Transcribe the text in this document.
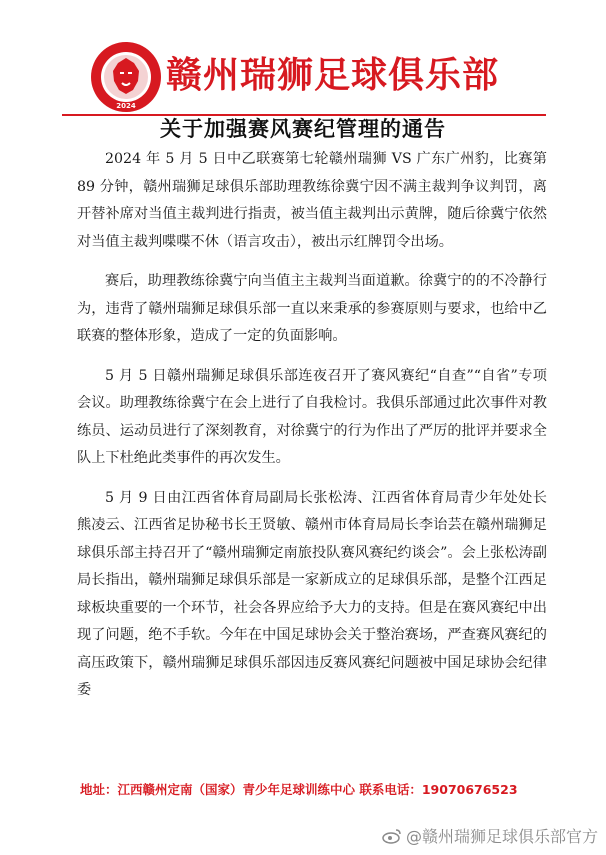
2024
赣州瑞狮足球俱乐部
关于加强赛风赛纪管理的通告

2024 年 5 月 5 日中乙联赛第七轮赣州瑞狮 VS 广东广州豹，比赛第 89 分钟，赣州瑞狮足球俱乐部助理教练徐冀宁因不满主裁判争议判罚，离开替补席对当值主裁判进行指责，被当值主裁判出示黄牌，随后徐冀宁依然对当值主裁判喋喋不休（语言攻击），被出示红牌罚令出场。

赛后，助理教练徐冀宁向当值主主裁判当面道歉。徐冀宁的的不冷静行为，违背了赣州瑞狮足球俱乐部一直以来秉承的参赛原则与要求，也给中乙联赛的整体形象，造成了一定的负面影响。

5 月 5 日赣州瑞狮足球俱乐部连夜召开了赛风赛纪“自查”“自省”专项会议。助理教练徐冀宁在会上进行了自我检讨。我俱乐部通过此次事件对教练员、运动员进行了深刻教育，对徐冀宁的行为作出了严厉的批评并要求全队上下杜绝此类事件的再次发生。

5 月 9 日由江西省体育局副局长张松涛、江西省体育局青少年处处长熊凌云、江西省足协秘书长王贤敏、赣州市体育局局长李诒芸在赣州瑞狮足球俱乐部主持召开了“赣州瑞狮定南旅投队赛风赛纪约谈会”。会上张松涛副局长指出，赣州瑞狮足球俱乐部是一家新成立的足球俱乐部，是整个江西足球板块重要的一个环节，社会各界应给予大力的支持。但是在赛风赛纪中出现了问题，绝不手软。今年在中国足球协会关于整治赛场，严查赛风赛纪的高压政策下，赣州瑞狮足球俱乐部因违反赛风赛纪问题被中国足球协会纪律委

地址：江西赣州定南（国家）青少年足球训练中心 联系电话：19070676523
@赣州瑞狮足球俱乐部官方
